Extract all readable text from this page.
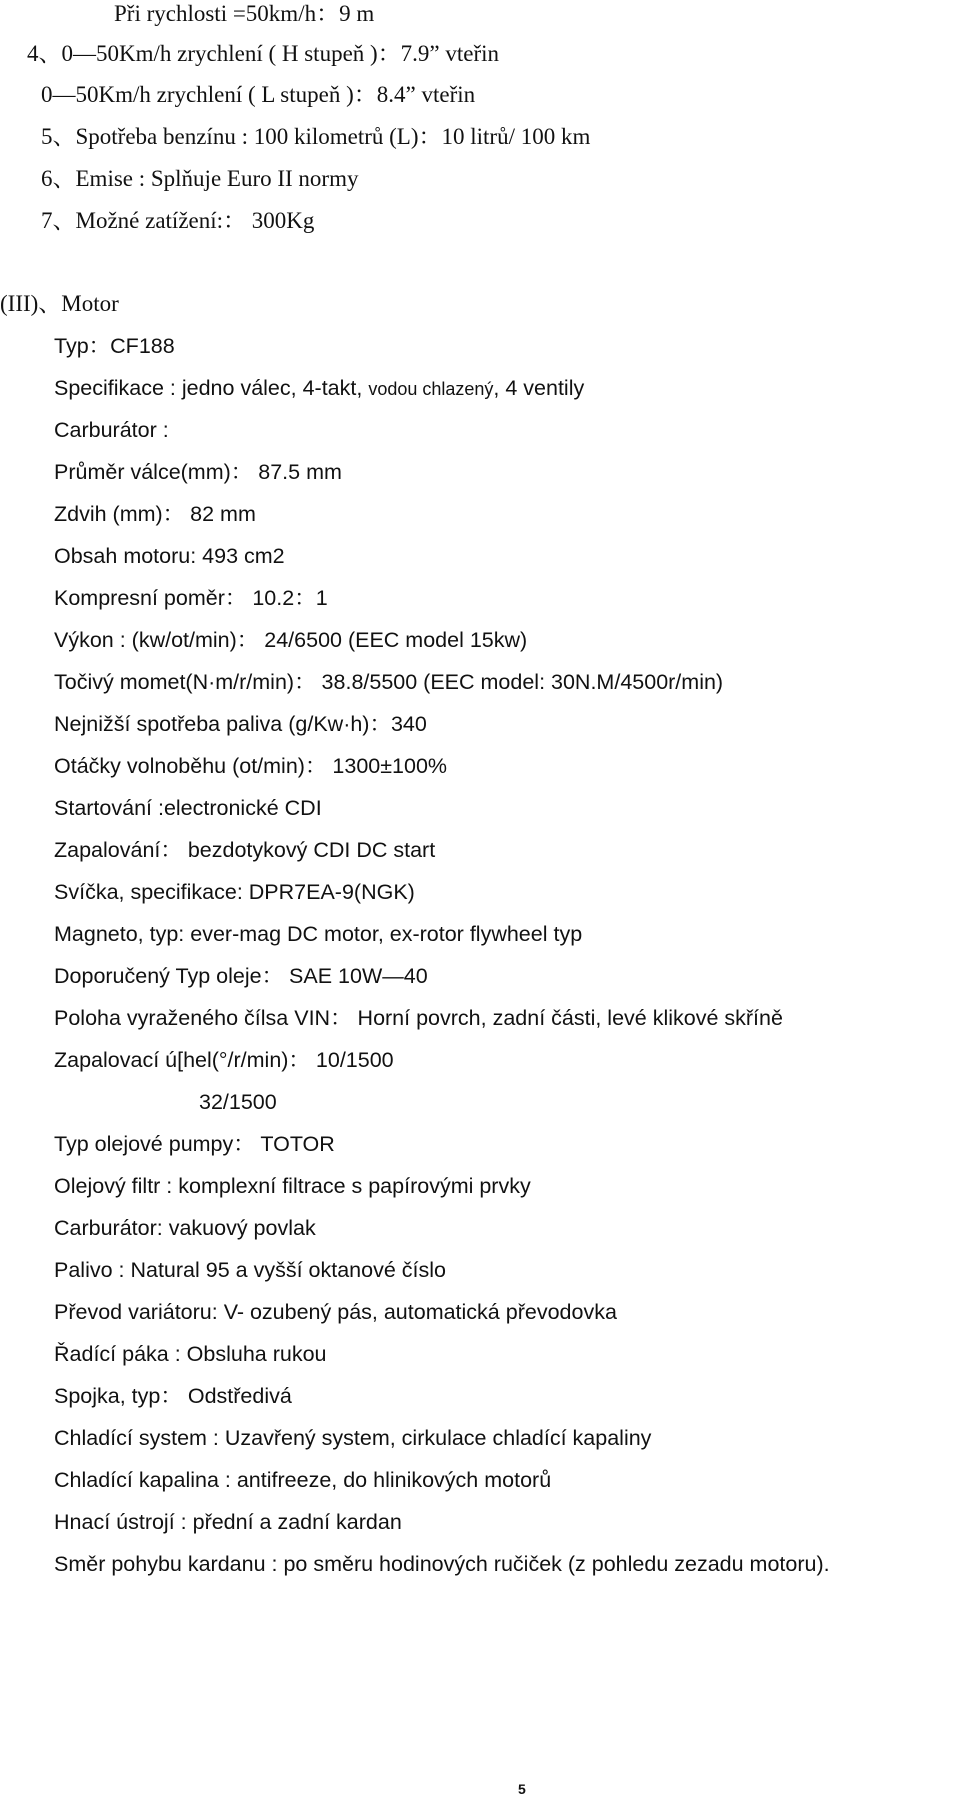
Při rychlosti =50km/h：9 m
4、0—50Km/h zrychlení ( H stupeň )：7.9” vteřin
0—50Km/h zrychlení ( L stupeň )：8.4” vteřin
5、Spotřeba benzínu : 100 kilometrů (L)：10 litrů/ 100 km
6、Emise : Splňuje Euro II normy
7、Možné zatížení:： 300Kg
(III)、Motor
Typ：CF188
Specifikace : jedno válec, 4-takt, vodou chlazený, 4 ventily
Carburátor :
Průměr válce(mm)： 87.5 mm
Zdvih (mm)： 82 mm
Obsah motoru: 493 cm2
Kompresní poměr： 10.2：1
Výkon : (kw/ot/min)： 24/6500 (EEC model 15kw)
Točivý momet(N·m/r/min)： 38.8/5500 (EEC model: 30N.M/4500r/min)
Nejnižší spotřeba paliva (g/Kw·h)：340
Otáčky volnoběhu (ot/min)： 1300±100%
Startování :electronické CDI
Zapalování： bezdotykový CDI DC start
Svíčka, specifikace: DPR7EA-9(NGK)
Magneto, typ: ever-mag DC motor, ex-rotor flywheel typ
Doporučený Typ oleje： SAE 10W—40
Poloha vyraženého čílsa VIN： Horní povrch, zadní části, levé klikové skříně
Zapalovací ú[hel(°/r/min)： 10/1500
32/1500
Typ olejové pumpy： TOTOR
Olejový filtr : komplexní filtrace s papírovými prvky
Carburátor: vakuový povlak
Palivo : Natural 95 a vyšší oktanové číslo
Převod variátoru: V- ozubený pás, automatická převodovka
Řadící páka : Obsluha rukou
Spojka, typ： Odstředivá
Chladící system : Uzavřený system, cirkulace chladící kapaliny
Chladící kapalina : antifreeze, do hlinikových motorů
Hnací ústrojí : přední a zadní kardan
Směr pohybu kardanu : po směru hodinových ručiček (z pohledu zezadu motoru).
5
